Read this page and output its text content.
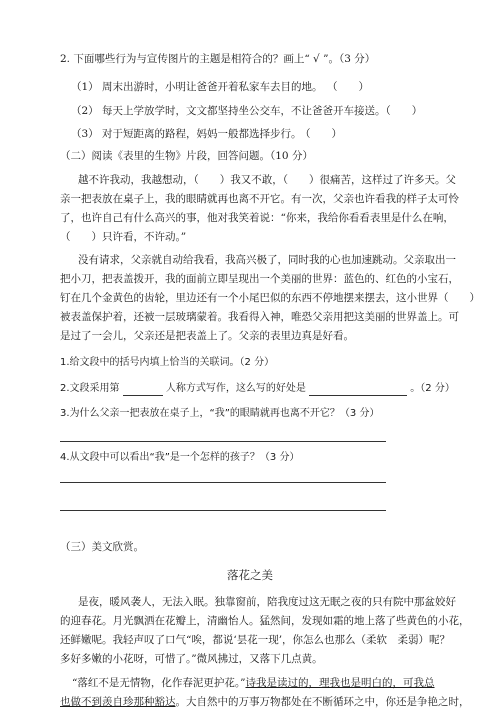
2. 下面哪些行为与宣传图片的主题是相符合的？画上“ √ ”。（3 分）
（1） 周末出游时，小明让爸爸开着私家车去目的地。 （　　）
（2） 每天上学放学时，文文都坚持坐公交车，不让爸爸开车接送。（　　）
（3） 对于短距离的路程，妈妈一般都选择步行。
（　　）
（二）阅读《表里的生物》片段，回答问题。（10 分）
越不许我动，我越想动，（　　）我又不敢，（　　）很痛苦，这样过了许多天。父
亲一把表放在桌子上，我的眼睛就再也离不开它。有一次，父亲也许看我的样子太可怜
了，也许自己有什么高兴的事，他对我笑着说：“你来，我给你看看表里是什么在响，
（　　）只许看，不许动。”
没有请求，父亲就自动给我看，我高兴极了，同时我的心也加速跳动。父亲取出一
把小刀，把表盖拨开，我的面前立即呈现出一个美丽的世界：蓝色的、红色的小宝石，
钉在几个金黄色的齿轮，里边还有一个小尾巴似的东西不停地摆来摆去，这小世界（　　）
被表盖保护着，还被一层玻璃蒙着。我看得入神，唯恐父亲用把这美丽的世界盖上。可
是过了一会儿，父亲还是把表盖上了。父亲的表里边真是好看。
1.给文段中的括号内填上恰当的关联词。（2 分）
2.文段采用第	人称方式写作，这么写的好处是	。（2 分）
3.为什么父亲一把表放在桌子上，“我”的眼睛就再也离不开它？（3 分）
4.从文段中可以看出“我”是一个怎样的孩子？（3 分）
（三）美文欣赏。
落花之美
是夜，暖风袭人，无法入眠。独靠窗前，陪我度过这无眠之夜的只有院中那盆姣好
的迎春花。月光飘洒在花瓣上，清幽怡人。猛然间，发现如霜的地上落了些黄色的小花，
还鲜嫩呢。我轻声叹了口气“唉，都说‘昙花一现’，你怎么也那么（柔软　柔弱）呢？
多好多嫩的小花呀，可惜了。”微风拂过，又落下几点黄。
“落红不是无情物，化作春泥更护花。”诗我是读过的，理我也是明白的，可我总
也做不到羡自珍那种豁达。大自然中的万事万物都处在不断循环之中，你还是争艳之时，
